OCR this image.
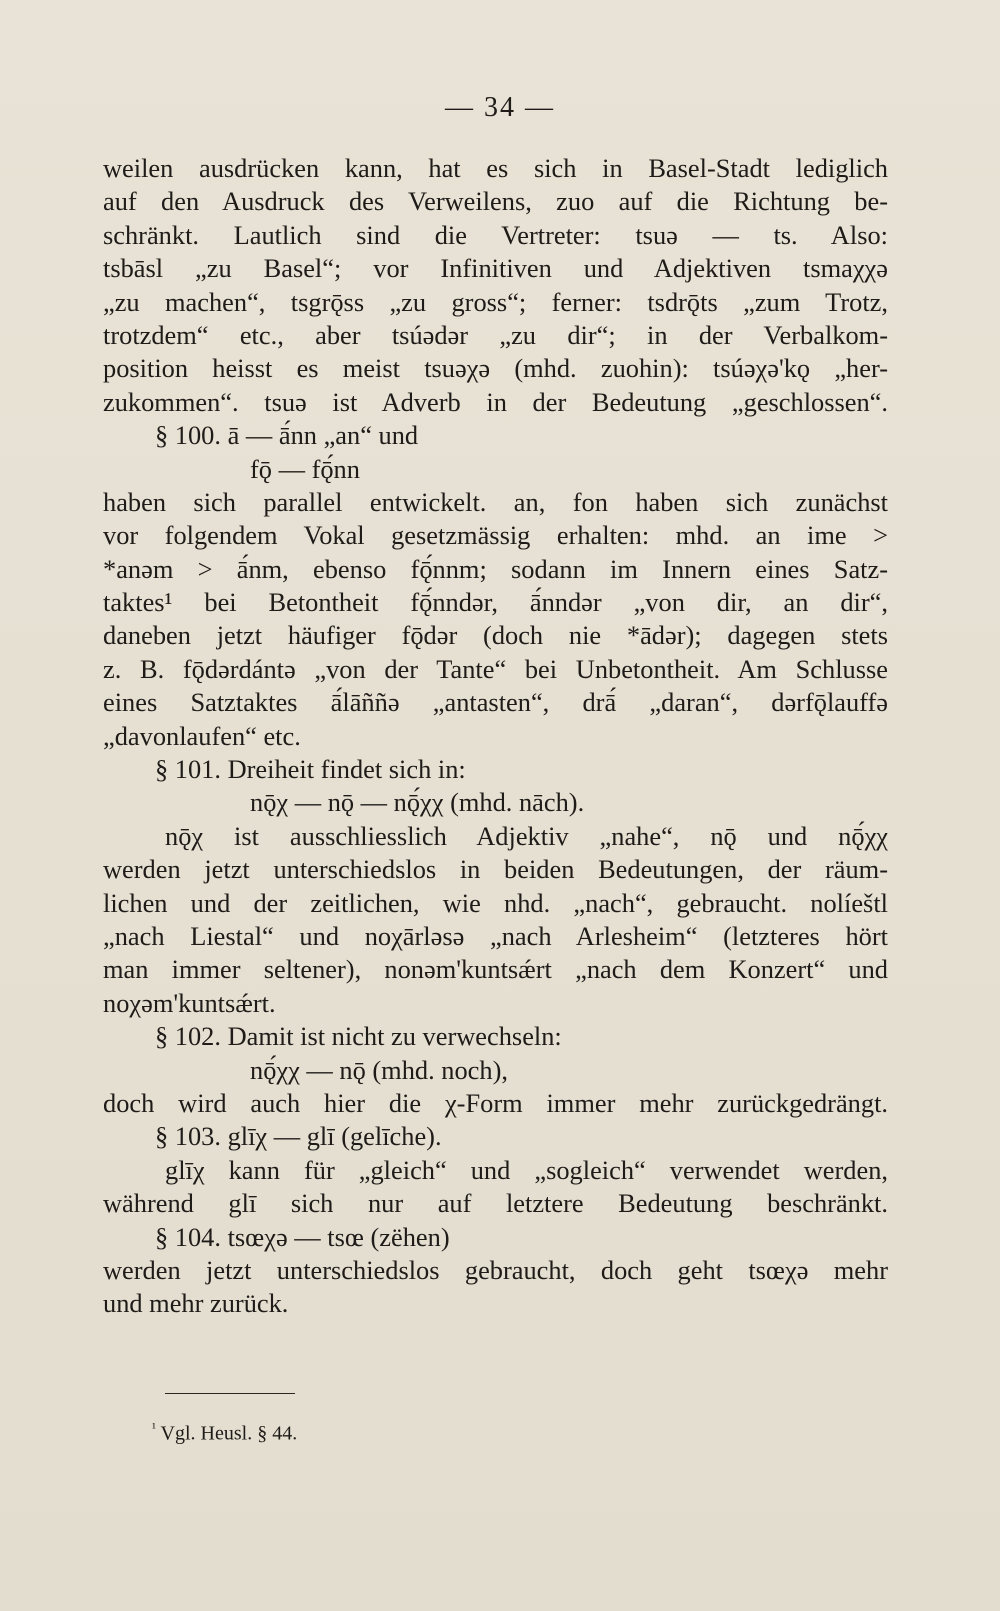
— 34 —
weilen ausdrücken kann, hat es sich in Basel-Stadt lediglich
auf den Ausdruck des Verweilens, zuo auf die Richtung be-
schränkt. Lautlich sind die Vertreter: tsuə — ts. Also:
tsbāsl „zu Basel“; vor Infinitiven und Adjektiven tsmaχχə
„zu machen“, tsgrǭss „zu gross“; ferner: tsdrǭts „zum Trotz,
trotzdem“ etc., aber tsúədər „zu dir“; in der Verbalkom-
position heisst es meist tsuəχə (mhd. zuohin): tsúəχə'kǫ „her-
zukommen“. tsuə ist Adverb in der Bedeutung „geschlossen“.
§ 100. ā — ā́nn „an“ und
fǭ — fǭ́nn
haben sich parallel entwickelt. an, fon haben sich zunächst
vor folgendem Vokal gesetzmässig erhalten: mhd. an ime >
*anəm > ā́nm, ebenso fǭ́nnm; sodann im Innern eines Satz-
taktes¹ bei Betontheit fǭ́nndər, ā́nndər „von dir, an dir“,
daneben jetzt häufiger fǭdər (doch nie *ādər); dagegen stets
z. B. fǭdərdántə „von der Tante“ bei Unbetontheit. Am Schlusse
eines Satztaktes ā́lāññə „antasten“, drā́ „daran“, dərfǭlauffə
„davonlaufen“ etc.
§ 101. Dreiheit findet sich in:
nǭχ — nǭ — nǭ́χχ (mhd. nāch).
nǭχ ist ausschliesslich Adjektiv „nahe“, nǭ und nǭ́χχ
werden jetzt unterschiedslos in beiden Bedeutungen, der räum-
lichen und der zeitlichen, wie nhd. „nach“, gebraucht. nolíeštl
„nach Liestal“ und noχārləsə „nach Arlesheim“ (letzteres hört
man immer seltener), nonəm'kuntsǽrt „nach dem Konzert“ und
noχəm'kuntsǽrt.
§ 102. Damit ist nicht zu verwechseln:
nǭ́χχ — nǭ (mhd. noch),
doch wird auch hier die χ-Form immer mehr zurückgedrängt.
§ 103. glīχ — glī (gelīche).
glīχ kann für „gleich“ und „sogleich“ verwendet werden,
während glī sich nur auf letztere Bedeutung beschränkt.
§ 104. tsœχə — tsœ (zëhen)
werden jetzt unterschiedslos gebraucht, doch geht tsœχə mehr
und mehr zurück.
$^{^1}$ Vgl. Heusl. § 44.
